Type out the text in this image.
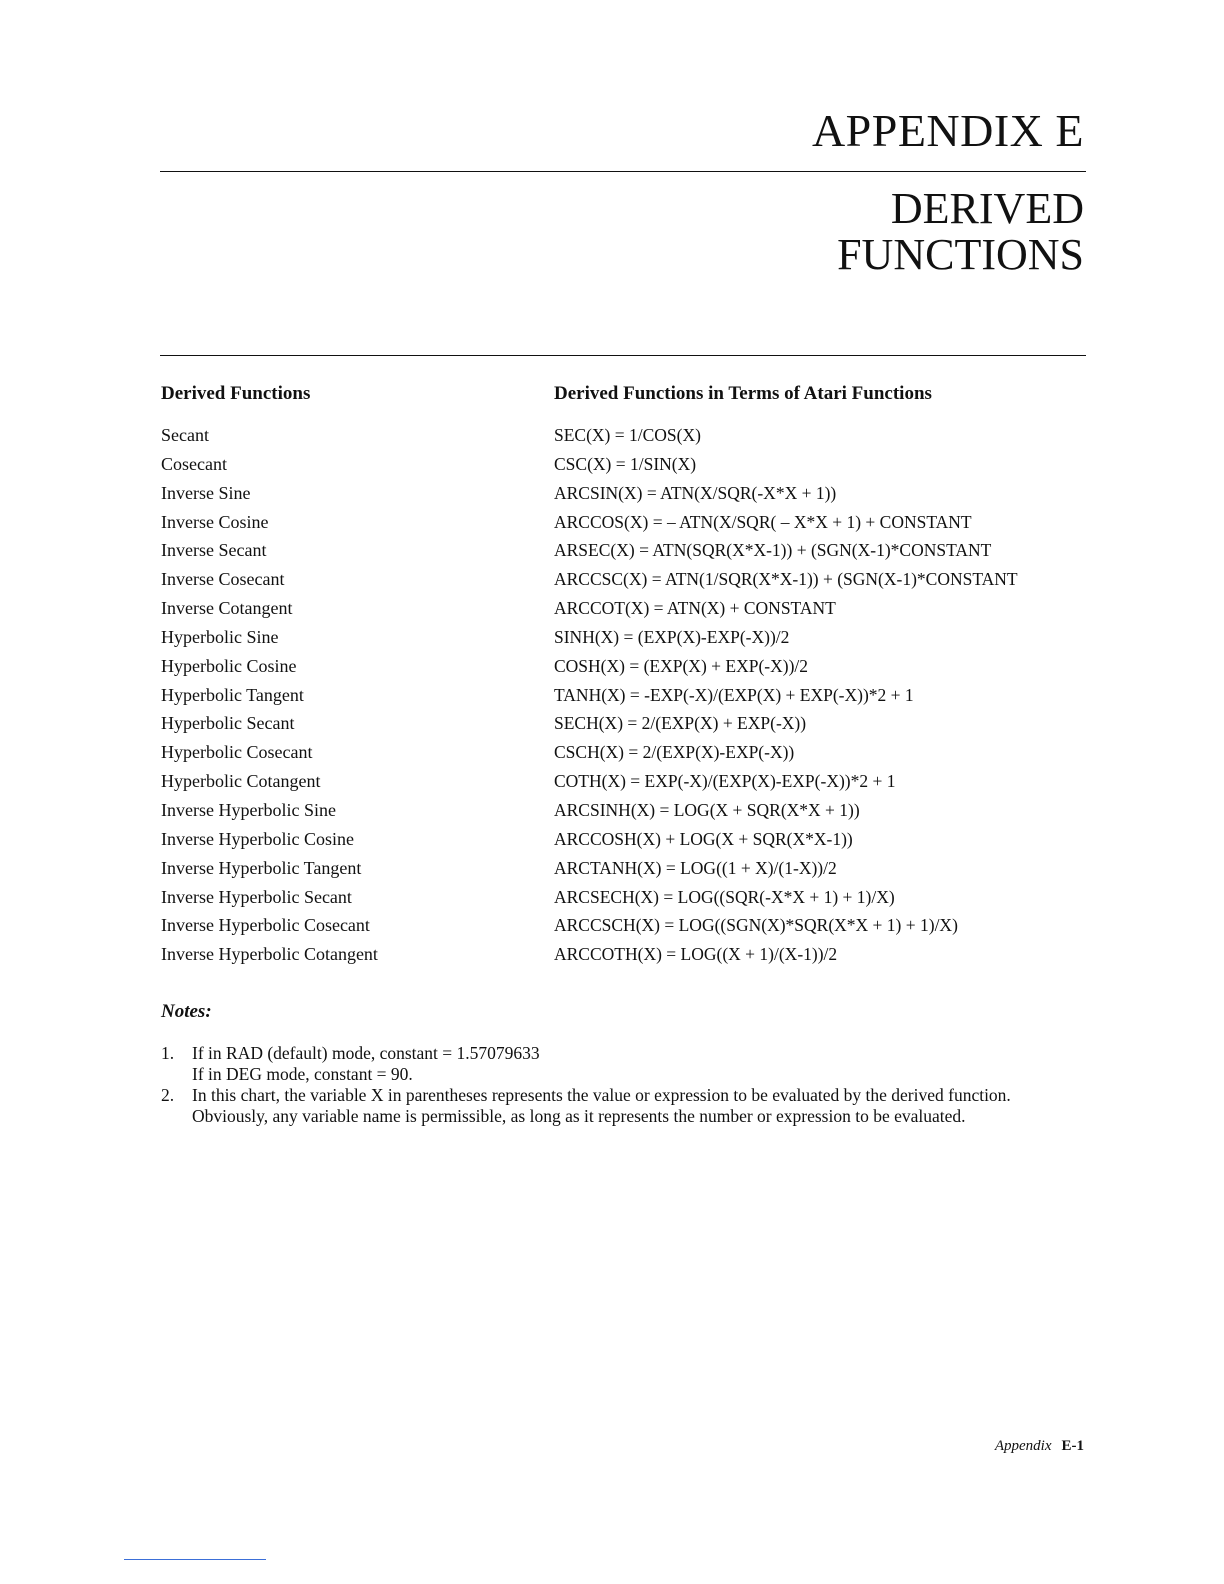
APPENDIX E
DERIVED
FUNCTIONS
Derived Functions
Secant
Cosecant
Inverse Sine
Inverse Cosine
Inverse Secant
Inverse Cosecant
Inverse Cotangent
Hyperbolic Sine
Hyperbolic Cosine
Hyperbolic Tangent
Hyperbolic Secant
Hyperbolic Cosecant
Hyperbolic Cotangent
Inverse Hyperbolic Sine
Inverse Hyperbolic Cosine
Inverse Hyperbolic Tangent
Inverse Hyperbolic Secant
Inverse Hyperbolic Cosecant
Inverse Hyperbolic Cotangent
Derived Functions in Terms of Atari Functions
SEC(X) = 1/COS(X)
CSC(X) = 1/SIN(X)
ARCSIN(X) = ATN(X/SQR(-X*X + 1))
ARCCOS(X) = – ATN(X/SQR( – X*X + 1) + CONSTANT
ARSEC(X) = ATN(SQR(X*X-1)) + (SGN(X-1)*CONSTANT
ARCCSC(X) = ATN(1/SQR(X*X-1)) + (SGN(X-1)*CONSTANT
ARCCOT(X) = ATN(X) + CONSTANT
SINH(X) = (EXP(X)-EXP(-X))/2
COSH(X) = (EXP(X) + EXP(-X))/2
TANH(X) = -EXP(-X)/(EXP(X) + EXP(-X))*2 + 1
SECH(X) = 2/(EXP(X) + EXP(-X))
CSCH(X) = 2/(EXP(X)-EXP(-X))
COTH(X) = EXP(-X)/(EXP(X)-EXP(-X))*2 + 1
ARCSINH(X) = LOG(X + SQR(X*X + 1))
ARCCOSH(X) + LOG(X + SQR(X*X-1))
ARCTANH(X) = LOG((1 + X)/(1-X))/2
ARCSECH(X) = LOG((SQR(-X*X + 1) + 1)/X)
ARCCSCH(X) = LOG((SGN(X)*SQR(X*X + 1) + 1)/X)
ARCCOTH(X) = LOG((X + 1)/(X-1))/2
Notes:
1. If in RAD (default) mode, constant = 1.57079633
If in DEG mode, constant = 90.
2. In this chart, the variable X in parentheses represents the value or expression to be evaluated by the derived function. Obviously, any variable name is permissible, as long as it represents the number or expression to be evaluated.

Appendix E-1
